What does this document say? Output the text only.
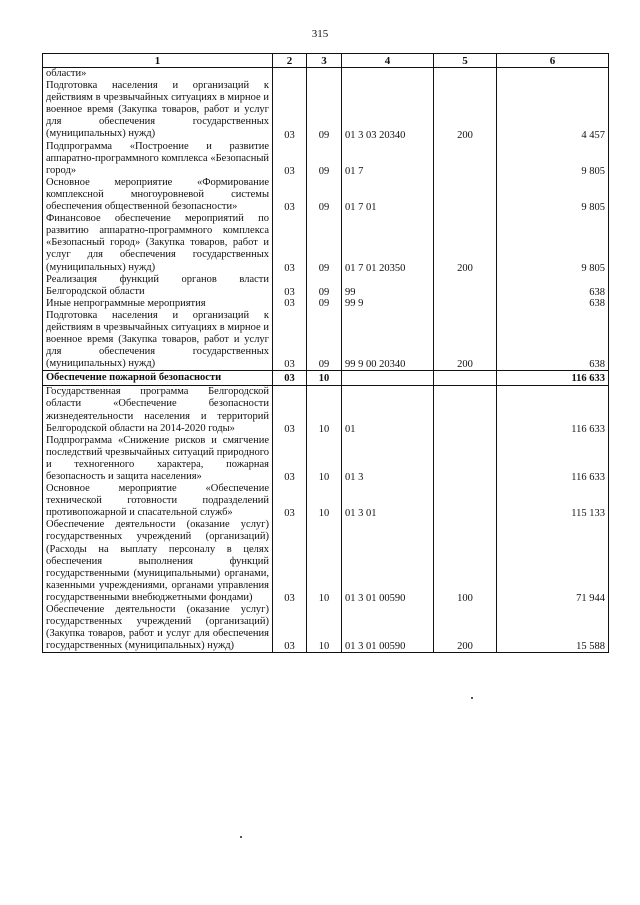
315
1	2	3	4	5	6
области»					
Подготовка населения и организаций к действиям в чрезвычайных ситуациях в мирное и военное время (Закупка товаров, работ и услуг для обеспечения государственных (муниципальных) нужд)	03	09	01 3 03 20340	200	4 457
Подпрограмма «Построение и развитие аппаратно-программного комплекса «Безопасный город»	03	09	01 7		9 805
Основное мероприятие «Формирование комплексной многоуровневой системы обеспечения общественной безопасности»	03	09	01 7 01		9 805
Финансовое обеспечение мероприятий по развитию аппаратно-программного комплекса «Безопасный город» (Закупка товаров, работ и услуг для обеспечения государственных (муниципальных) нужд)	03	09	01 7 01 20350	200	9 805
Реализация функций органов власти Белгородской области	03	09	99		638
Иные непрограммные мероприятия	03	09	99 9		638
Подготовка населения и организаций к действиям в чрезвычайных ситуациях в мирное и военное время (Закупка товаров, работ и услуг для обеспечения государственных (муниципальных) нужд)	03	09	99 9 00 20340	200	638
Обеспечение пожарной безопасности	03	10			116 633
Государственная программа Белгородской области «Обеспечение безопасности жизнедеятельности населения и территорий Белгородской области на 2014-2020 годы»	03	10	01		116 633
Подпрограмма «Снижение рисков и смягчение последствий чрезвычайных ситуаций природного и техногенного характера, пожарная безопасность и защита населения»	03	10	01 3		116 633
Основное мероприятие «Обеспечение технической готовности подразделений противопожарной и спасательной служб»	03	10	01 3 01		115 133
Обеспечение деятельности (оказание услуг) государственных учреждений (организаций) (Расходы на выплату персоналу в целях обеспечения выполнения функций государственными (муниципальными) органами, казенными учреждениями, органами управления государственными внебюджетными фондами)	03	10	01 3 01 00590	100	71 944
Обеспечение деятельности (оказание услуг) государственных учреждений (организаций) (Закупка товаров, работ и услуг для обеспечения государственных (муниципальных) нужд)	03	10	01 3 01 00590	200	15 588
